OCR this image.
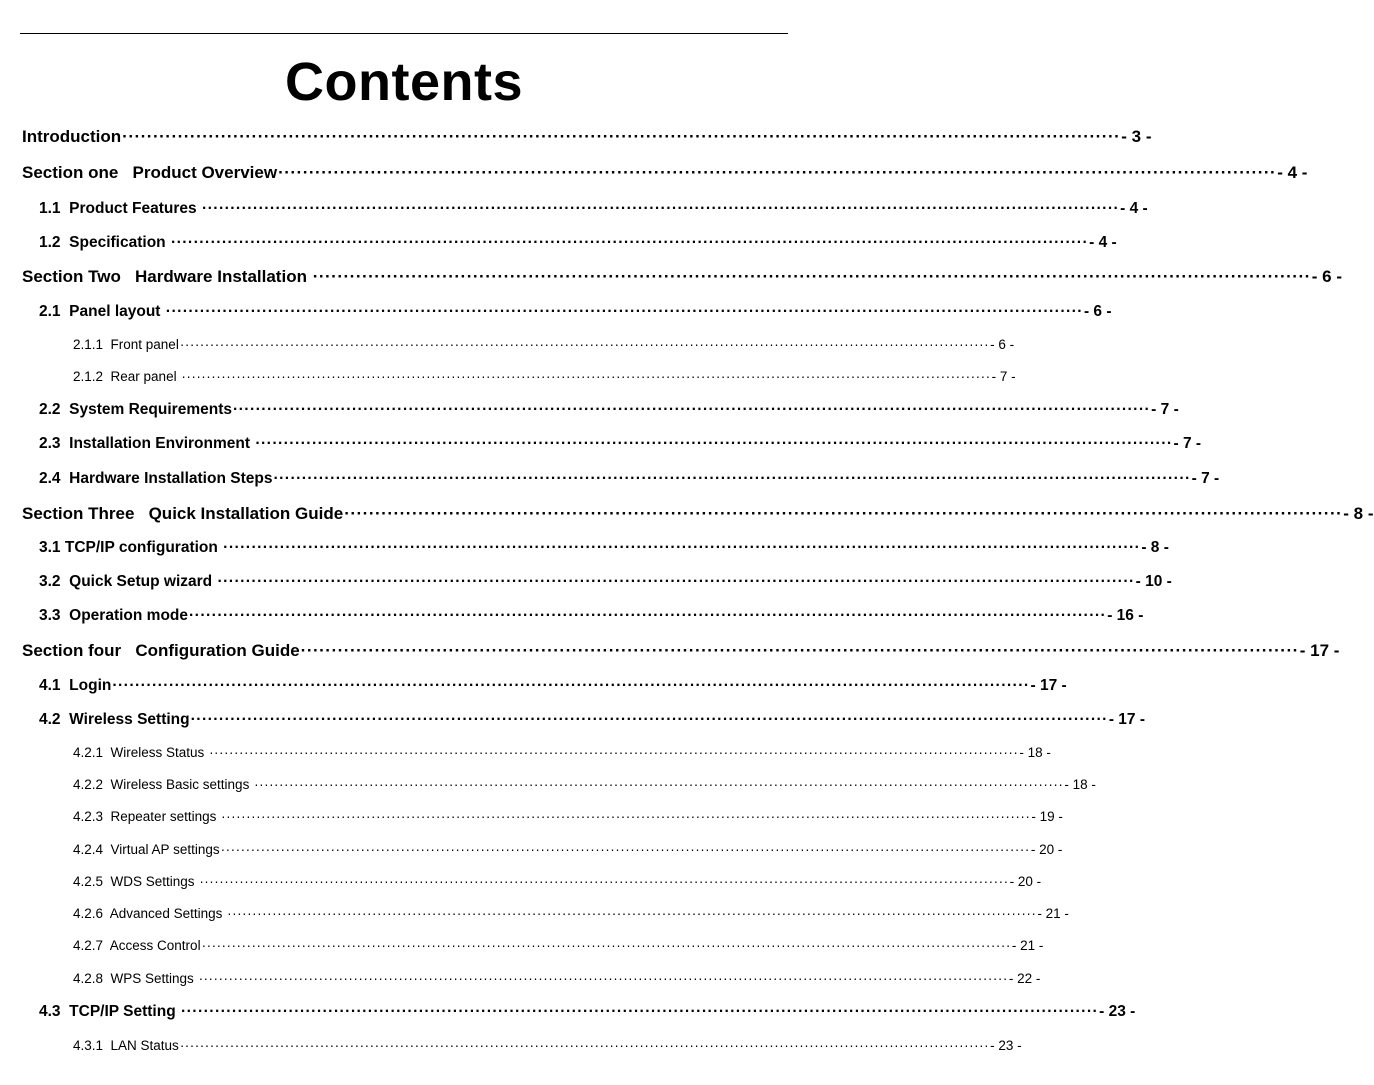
Contents
Introduction ·································································································································································· - 3 -
Section one   Product Overview ·································································································································································· - 4 -
1.1  Product Features ·································································································································································· - 4 -
1.2  Specification ·································································································································································· - 4 -
Section Two   Hardware Installation ·································································································································································· - 6 -
2.1  Panel layout ·································································································································································· - 6 -
2.1.1  Front panel ·································································································································································· - 6 -
2.1.2  Rear panel ·································································································································································· - 7 -
2.2  System Requirements ·································································································································································· - 7 -
2.3  Installation Environment ·································································································································································· - 7 -
2.4  Hardware Installation Steps ·································································································································································· - 7 -
Section Three   Quick Installation Guide ·································································································································································· - 8 -
3.1 TCP/IP configuration ·································································································································································· - 8 -
3.2  Quick Setup wizard ·································································································································································· - 10 -
3.3  Operation mode ·································································································································································· - 16 -
Section four   Configuration Guide ·································································································································································· - 17 -
4.1  Login ·································································································································································· - 17 -
4.2  Wireless Setting ·································································································································································· - 17 -
4.2.1  Wireless Status ·································································································································································· - 18 -
4.2.2  Wireless Basic settings ·································································································································································· - 18 -
4.2.3  Repeater settings ·································································································································································· - 19 -
4.2.4  Virtual AP settings ·································································································································································· - 20 -
4.2.5  WDS Settings ·································································································································································· - 20 -
4.2.6  Advanced Settings ·································································································································································· - 21 -
4.2.7  Access Control ·································································································································································· - 21 -
4.2.8  WPS Settings ·································································································································································· - 22 -
4.3  TCP/IP Setting ·································································································································································· - 23 -
4.3.1  LAN Status ·································································································································································· - 23 -
